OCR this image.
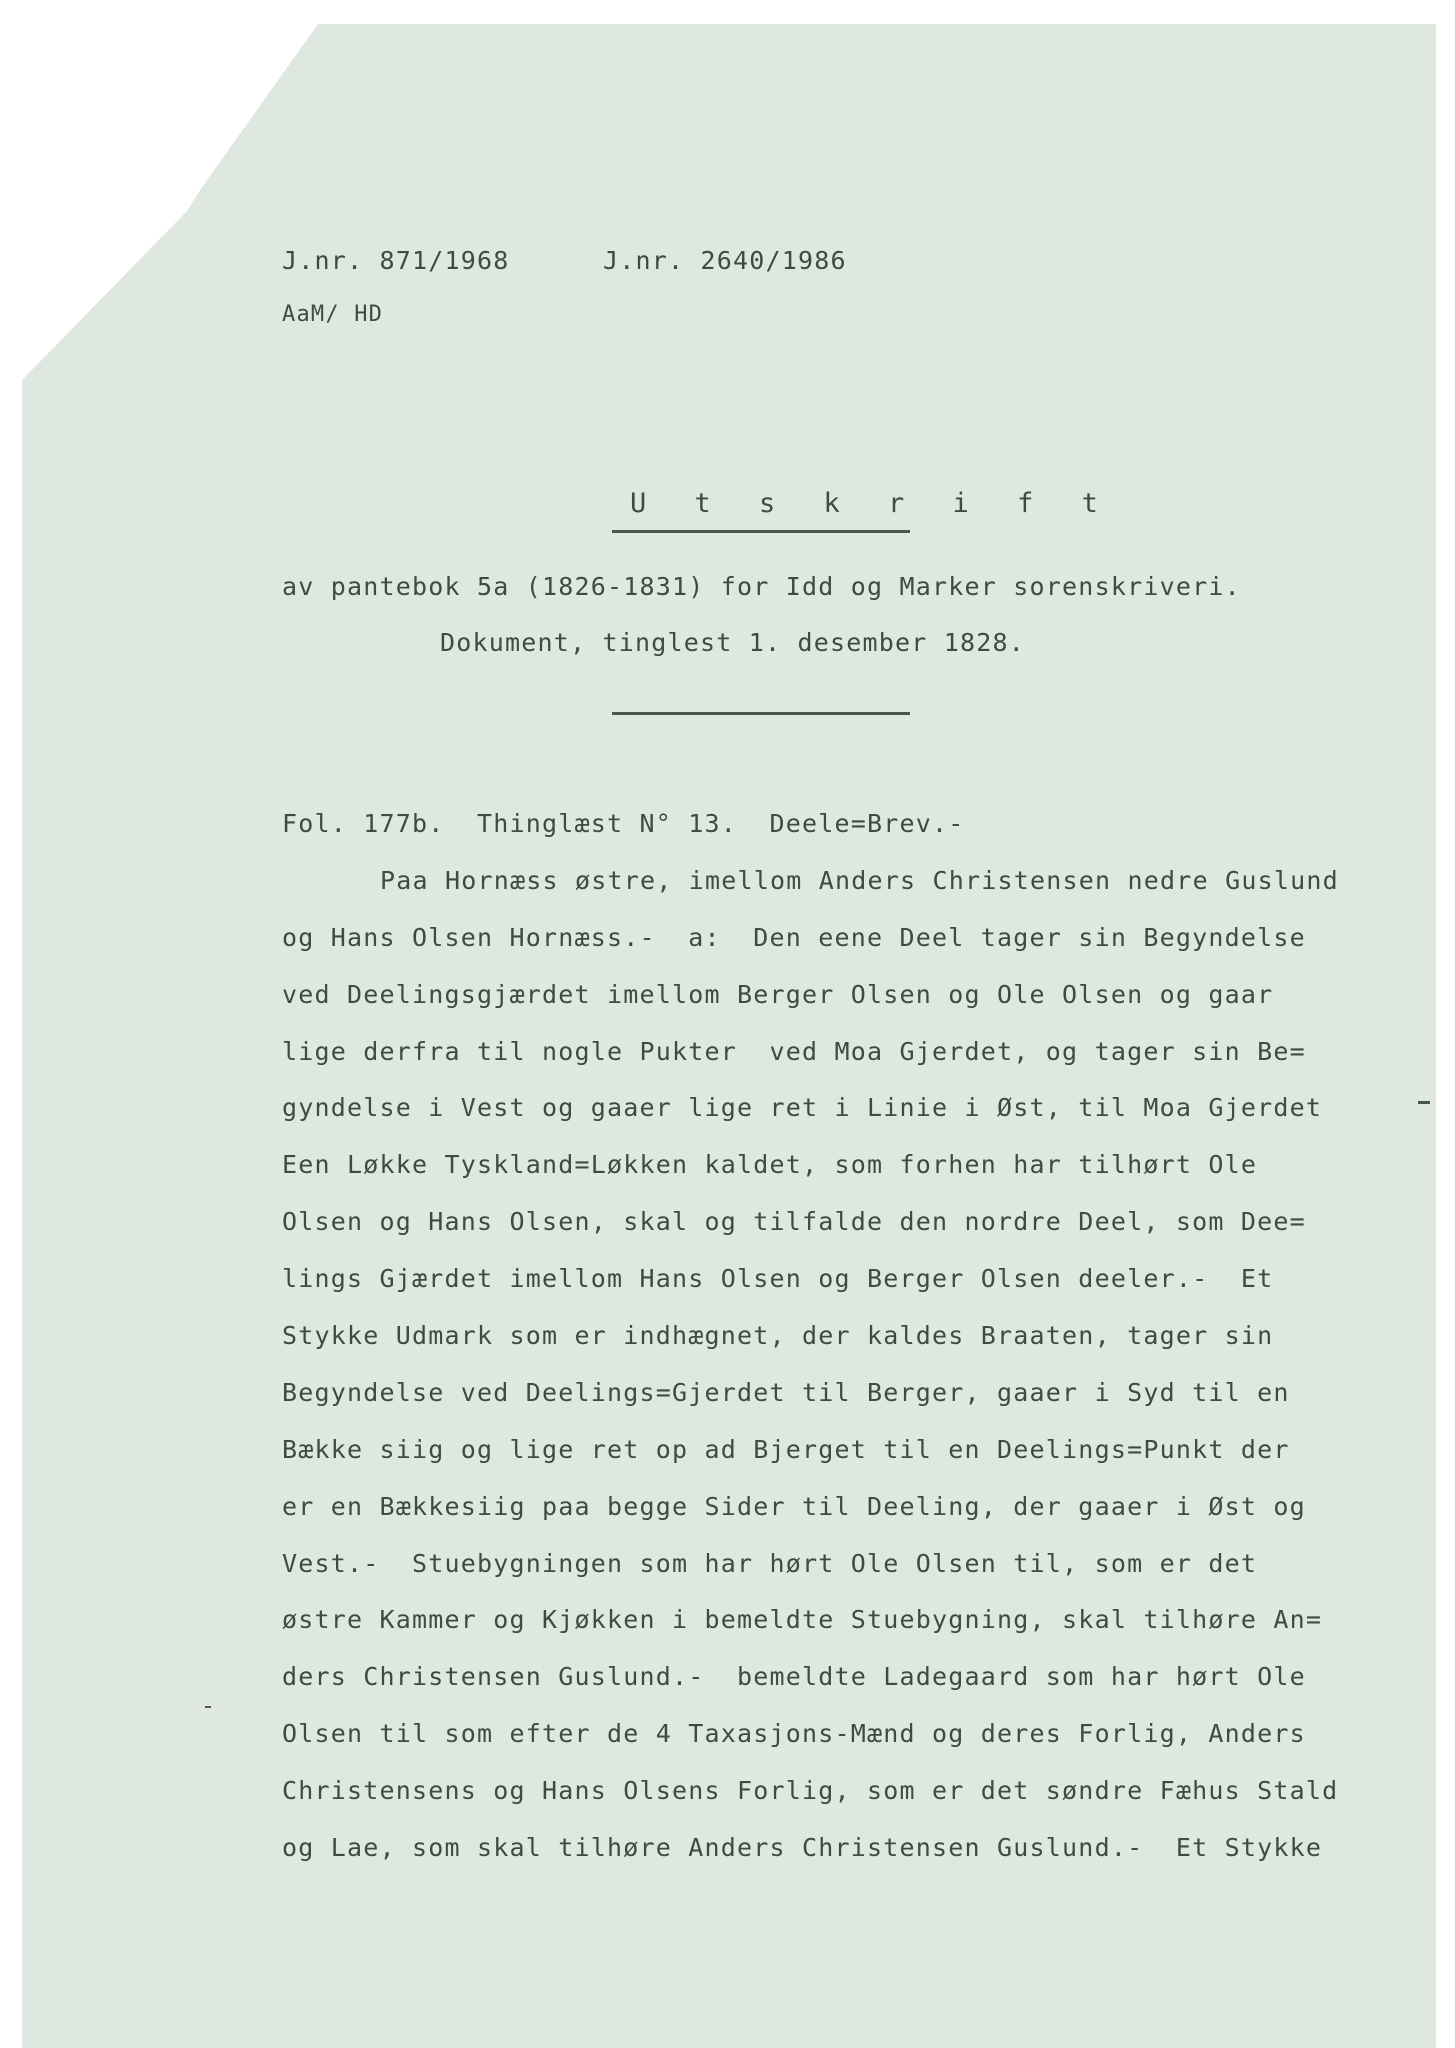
J.nr. 871/1968	J.nr. 2640/1986
AaM/ HD
U t s k r i f t
av pantebok 5a (1826-1831) for Idd og Marker sorenskriveri.
Dokument, tinglest 1. desember 1828.
Fol. 177b.  Thinglæst N° 13.  Deele=Brev.-
Paa Hornæss østre, imellom Anders Christensen nedre Guslund
og Hans Olsen Hornæss.-  a:  Den eene Deel tager sin Begyndelse
ved Deelingsgjærdet imellom Berger Olsen og Ole Olsen og gaar
lige derfra til nogle Pukter  ved Moa Gjerdet, og tager sin Be=
gyndelse i Vest og gaaer lige ret i Linie i Øst, til Moa Gjerdet
Een Løkke Tyskland=Løkken kaldet, som forhen har tilhørt Ole
Olsen og Hans Olsen, skal og tilfalde den nordre Deel, som Dee=
lings Gjærdet imellom Hans Olsen og Berger Olsen deeler.-  Et
Stykke Udmark som er indhægnet, der kaldes Braaten, tager sin
Begyndelse ved Deelings=Gjerdet til Berger, gaaer i Syd til en
Bække siig og lige ret op ad Bjerget til en Deelings=Punkt der
er en Bækkesiig paa begge Sider til Deeling, der gaaer i Øst og
Vest.-  Stuebygningen som har hørt Ole Olsen til, som er det
østre Kammer og Kjøkken i bemeldte Stuebygning, skal tilhøre An=
ders Christensen Guslund.-  bemeldte Ladegaard som har hørt Ole
Olsen til som efter de 4 Taxasjons-Mænd og deres Forlig, Anders
Christensens og Hans Olsens Forlig, som er det søndre Fæhus Stald
og Lae, som skal tilhøre Anders Christensen Guslund.-  Et Stykke
